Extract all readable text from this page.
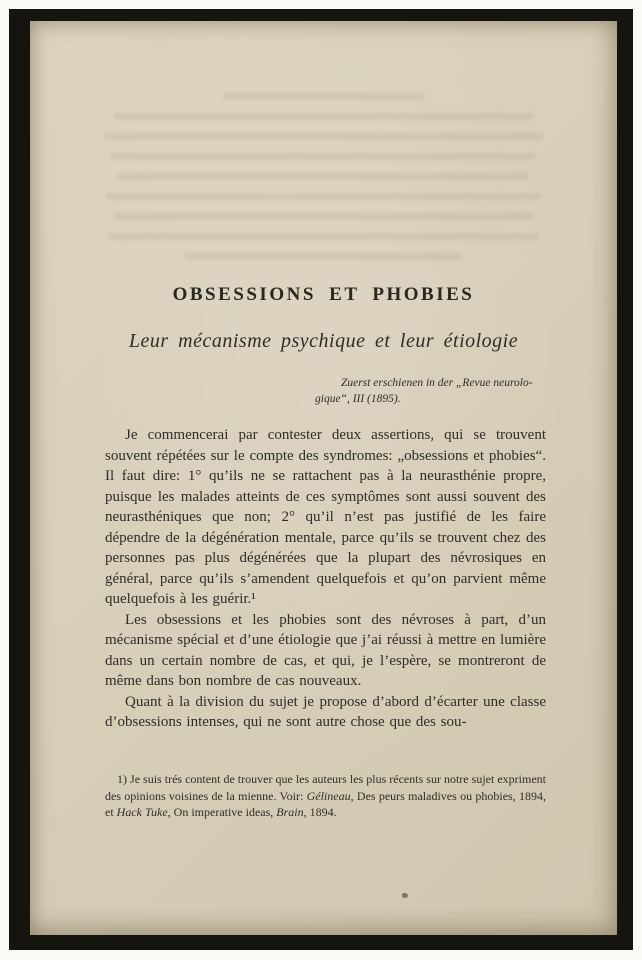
OBSESSIONS ET PHOBIES
Leur mécanisme psychique et leur étiologie
Zuerst erschienen in der „Revue neurolo-
gique“, III (1895).

Je commencerai par contester deux assertions, qui se trouvent souvent répétées sur le compte des syndromes: „obsessions et phobies“. Il faut dire: 1° qu’ils ne se rattachent pas à la neurasthénie propre, puisque les malades atteints de ces symptômes sont aussi souvent des neurasthéniques que non; 2° qu’il n’est pas justifié de les faire dépendre de la dégénération mentale, parce qu’ils se trouvent chez des personnes pas plus dégénérées que la plupart des névrosiques en général, parce qu’ils s’amendent quelquefois et qu’on parvient même quelquefois à les guérir.¹

Les obsessions et les phobies sont des névroses à part, d’un mécanisme spécial et d’une étiologie que j’ai réussi à mettre en lumière dans un certain nombre de cas, et qui, je l’espère, se montreront de même dans bon nombre de cas nouveaux.

Quant à la division du sujet je propose d’abord d’écarter une classe d’obsessions intenses, qui ne sont autre chose que des sou-

1) Je suis trés content de trouver que les auteurs les plus récents sur notre sujet expriment des opinions voisines de la mienne. Voir: Gélineau, Des peurs maladives ou phobies, 1894, et Hack Tuke, On imperative ideas, Brain, 1894.
